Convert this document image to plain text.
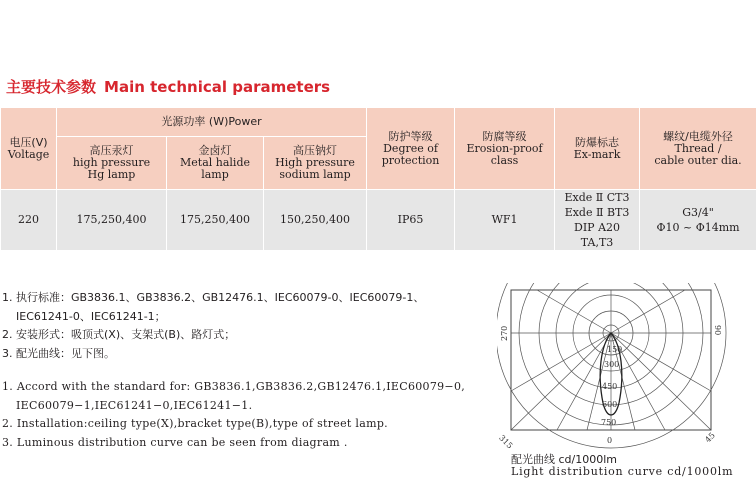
主要技术参数 Main technical parameters
电压(V)
Voltage	光源功率 (W)Power			防护等级
Degree of
protection	防腐等级
Erosion-proof class	防爆标志
Ex-mark	螺纹/电缆外径
Thread /
cable outer dia.

	高压汞灯
high pressure
Hg lamp	金卤灯
Metal halide lamp	高压钠灯
High pressure
sodium lamp				

220	175,250,400	175,250,400	150,250,400	IP65	WF1	Exde Ⅱ CT3
Exde Ⅱ BT3
DIP A20 TA,T3	G3/4"
Φ10 ~ Φ14mm
1. 执行标准：GB3836.1、GB3836.2、GB12476.1、IEC60079-0、IEC60079-1、
IEC61241-0、IEC61241-1；
2. 安装形式：吸顶式(X)、支架式(B)、路灯式；
3. 配光曲线：见下图。
1. Accord with the standard for: GB3836.1,GB3836.2,GB12476.1,IEC60079−0,
IEC60079−1,IEC61241−0,IEC61241−1.
2. Installation:ceiling type(X),bracket type(B),type of street lamp.
3. Luminous distribution curve can be seen from diagram .
150
300
450
600
750
0
315	45
270	90
配光曲线 cd/1000lm
Light distribution curve cd/1000lm
